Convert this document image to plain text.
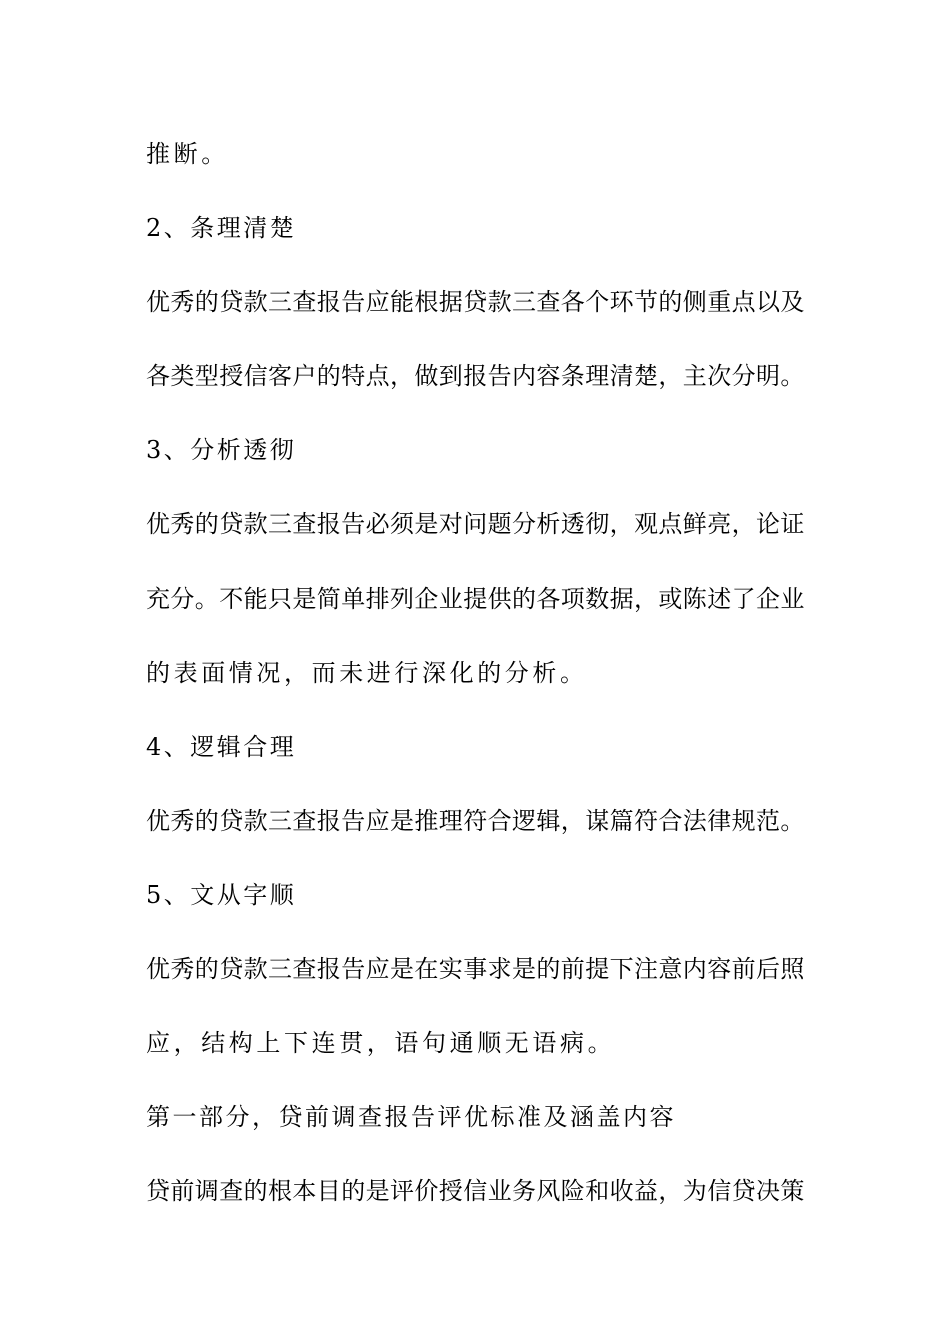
推断。
2、条理清楚
优秀的贷款三查报告应能根据贷款三查各个环节的侧重点以及
各类型授信客户的特点，做到报告内容条理清楚，主次分明。
3、分析透彻
优秀的贷款三查报告必须是对问题分析透彻，观点鲜亮，论证
充分。不能只是简单排列企业提供的各项数据，或陈述了企业
的表面情况，而未进行深化的分析。
4、逻辑合理
优秀的贷款三查报告应是推理符合逻辑，谋篇符合法律规范。
5、文从字顺
优秀的贷款三查报告应是在实事求是的前提下注意内容前后照
应，结构上下连贯，语句通顺无语病。
第一部分，贷前调查报告评优标准及涵盖内容
贷前调查的根本目的是评价授信业务风险和收益，为信贷决策
